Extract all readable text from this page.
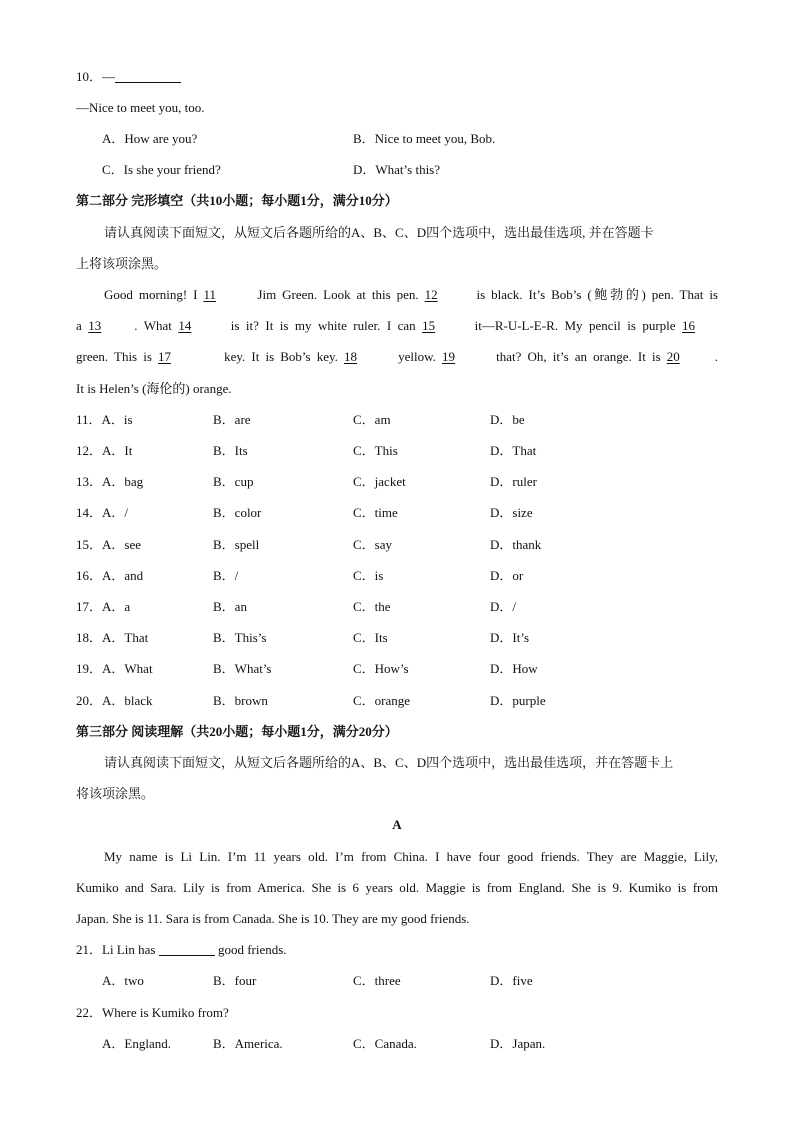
10．—
—Nice to meet you, too.
A．How are you?	B．Nice to meet you, Bob.
C．Is she your friend?	D．What’s this?
第二部分 完形填空（共10小题；每小题1分，满分10分）
请认真阅读下面短文，从短文后各题所给的A、B、C、D四个选项中，选出最佳选项, 并在答题卡
上将该项涂黑。
Good morning! I 11	Jim Green. Look at this pen. 12	is black. It’s Bob’s (鲍勃的) pen. That is
a 13	. What 14	is it? It is my white ruler. I can 15	it—R-U-L-E-R. My pencil is purple 16
green. This is 17	key. It is Bob’s key. 18	yellow. 19	that? Oh, it’s an orange. It is 20	.
It is Helen’s (海伦的) orange.
11．A．is	B．are	C．am	D．be
12．A．It	B．Its	C．This	D．That
13．A．bag	B．cup	C．jacket	D．ruler
14．A．/	B．color	C．time	D．size
15．A．see	B．spell	C．say	D．thank
16．A．and	B．/	C．is	D．or
17．A．a	B．an	C．the	D．/
18．A．That	B．This’s	C．Its	D．It’s
19．A．What	B．What’s	C．How’s	D．How
20．A．black	B．brown	C．orange	D．purple
第三部分 阅读理解（共20小题；每小题1分，满分20分）
请认真阅读下面短文，从短文后各题所给的A、B、C、D四个选项中，选出最佳选项，并在答题卡上
将该项涂黑。
A
My name is Li Lin. I’m 11 years old. I’m from China. I have four good friends. They are Maggie, Lily,
Kumiko and Sara. Lily is from America. She is 6 years old. Maggie is from England. She is 9. Kumiko is from
Japan. She is 11. Sara is from Canada. She is 10. They are my good friends.
21．Li Lin has	good friends.
A．two	B．four	C．three	D．five
22．Where is Kumiko from?
A．England.	B．America.	C．Canada.	D．Japan.
